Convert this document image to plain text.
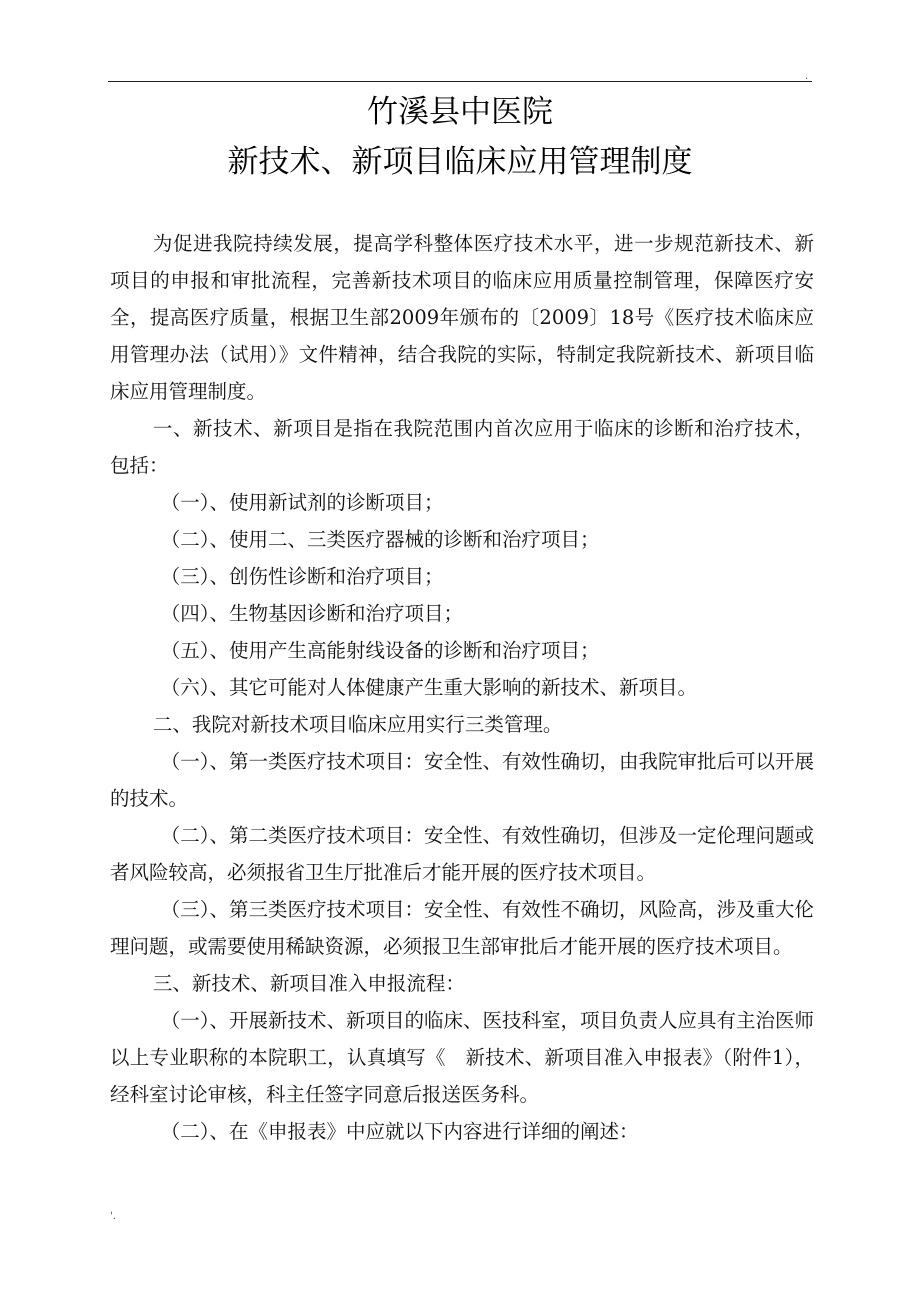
.
竹溪县中医院
新技术、新项目临床应用管理制度

为促进我院持续发展，提高学科整体医疗技术水平，进一步规范新技术、新项目的申报和审批流程，完善新技术项目的临床应用质量控制管理，保障医疗安全，提高医疗质量，根据卫生部2009年颁布的〔2009〕18号《医疗技术临床应用管理办法（试用）》文件精神，结合我院的实际，特制定我院新技术、新项目临床应用管理制度。

一、新技术、新项目是指在我院范围内首次应用于临床的诊断和治疗技术，包括：

（一）、使用新试剂的诊断项目；

（二）、使用二、三类医疗器械的诊断和治疗项目；

（三）、创伤性诊断和治疗项目；

（四）、生物基因诊断和治疗项目；

（五）、使用产生高能射线设备的诊断和治疗项目；

（六）、其它可能对人体健康产生重大影响的新技术、新项目。

二、我院对新技术项目临床应用实行三类管理。

（一）、第一类医疗技术项目：安全性、有效性确切，由我院审批后可以开展的技术。

（二）、第二类医疗技术项目：安全性、有效性确切，但涉及一定伦理问题或者风险较高，必须报省卫生厅批准后才能开展的医疗技术项目。

（三）、第三类医疗技术项目：安全性、有效性不确切，风险高，涉及重大伦理问题，或需要使用稀缺资源，必须报卫生部审批后才能开展的医疗技术项目。

三、新技术、新项目准入申报流程：

（一）、开展新技术、新项目的临床、医技科室，项目负责人应具有主治医师以上专业职称的本院职工，认真填写《　新技术、新项目准入申报表》（附件1），经科室讨论审核，科主任签字同意后报送医务科。

（二）、在《申报表》中应就以下内容进行详细的阐述：

'.
